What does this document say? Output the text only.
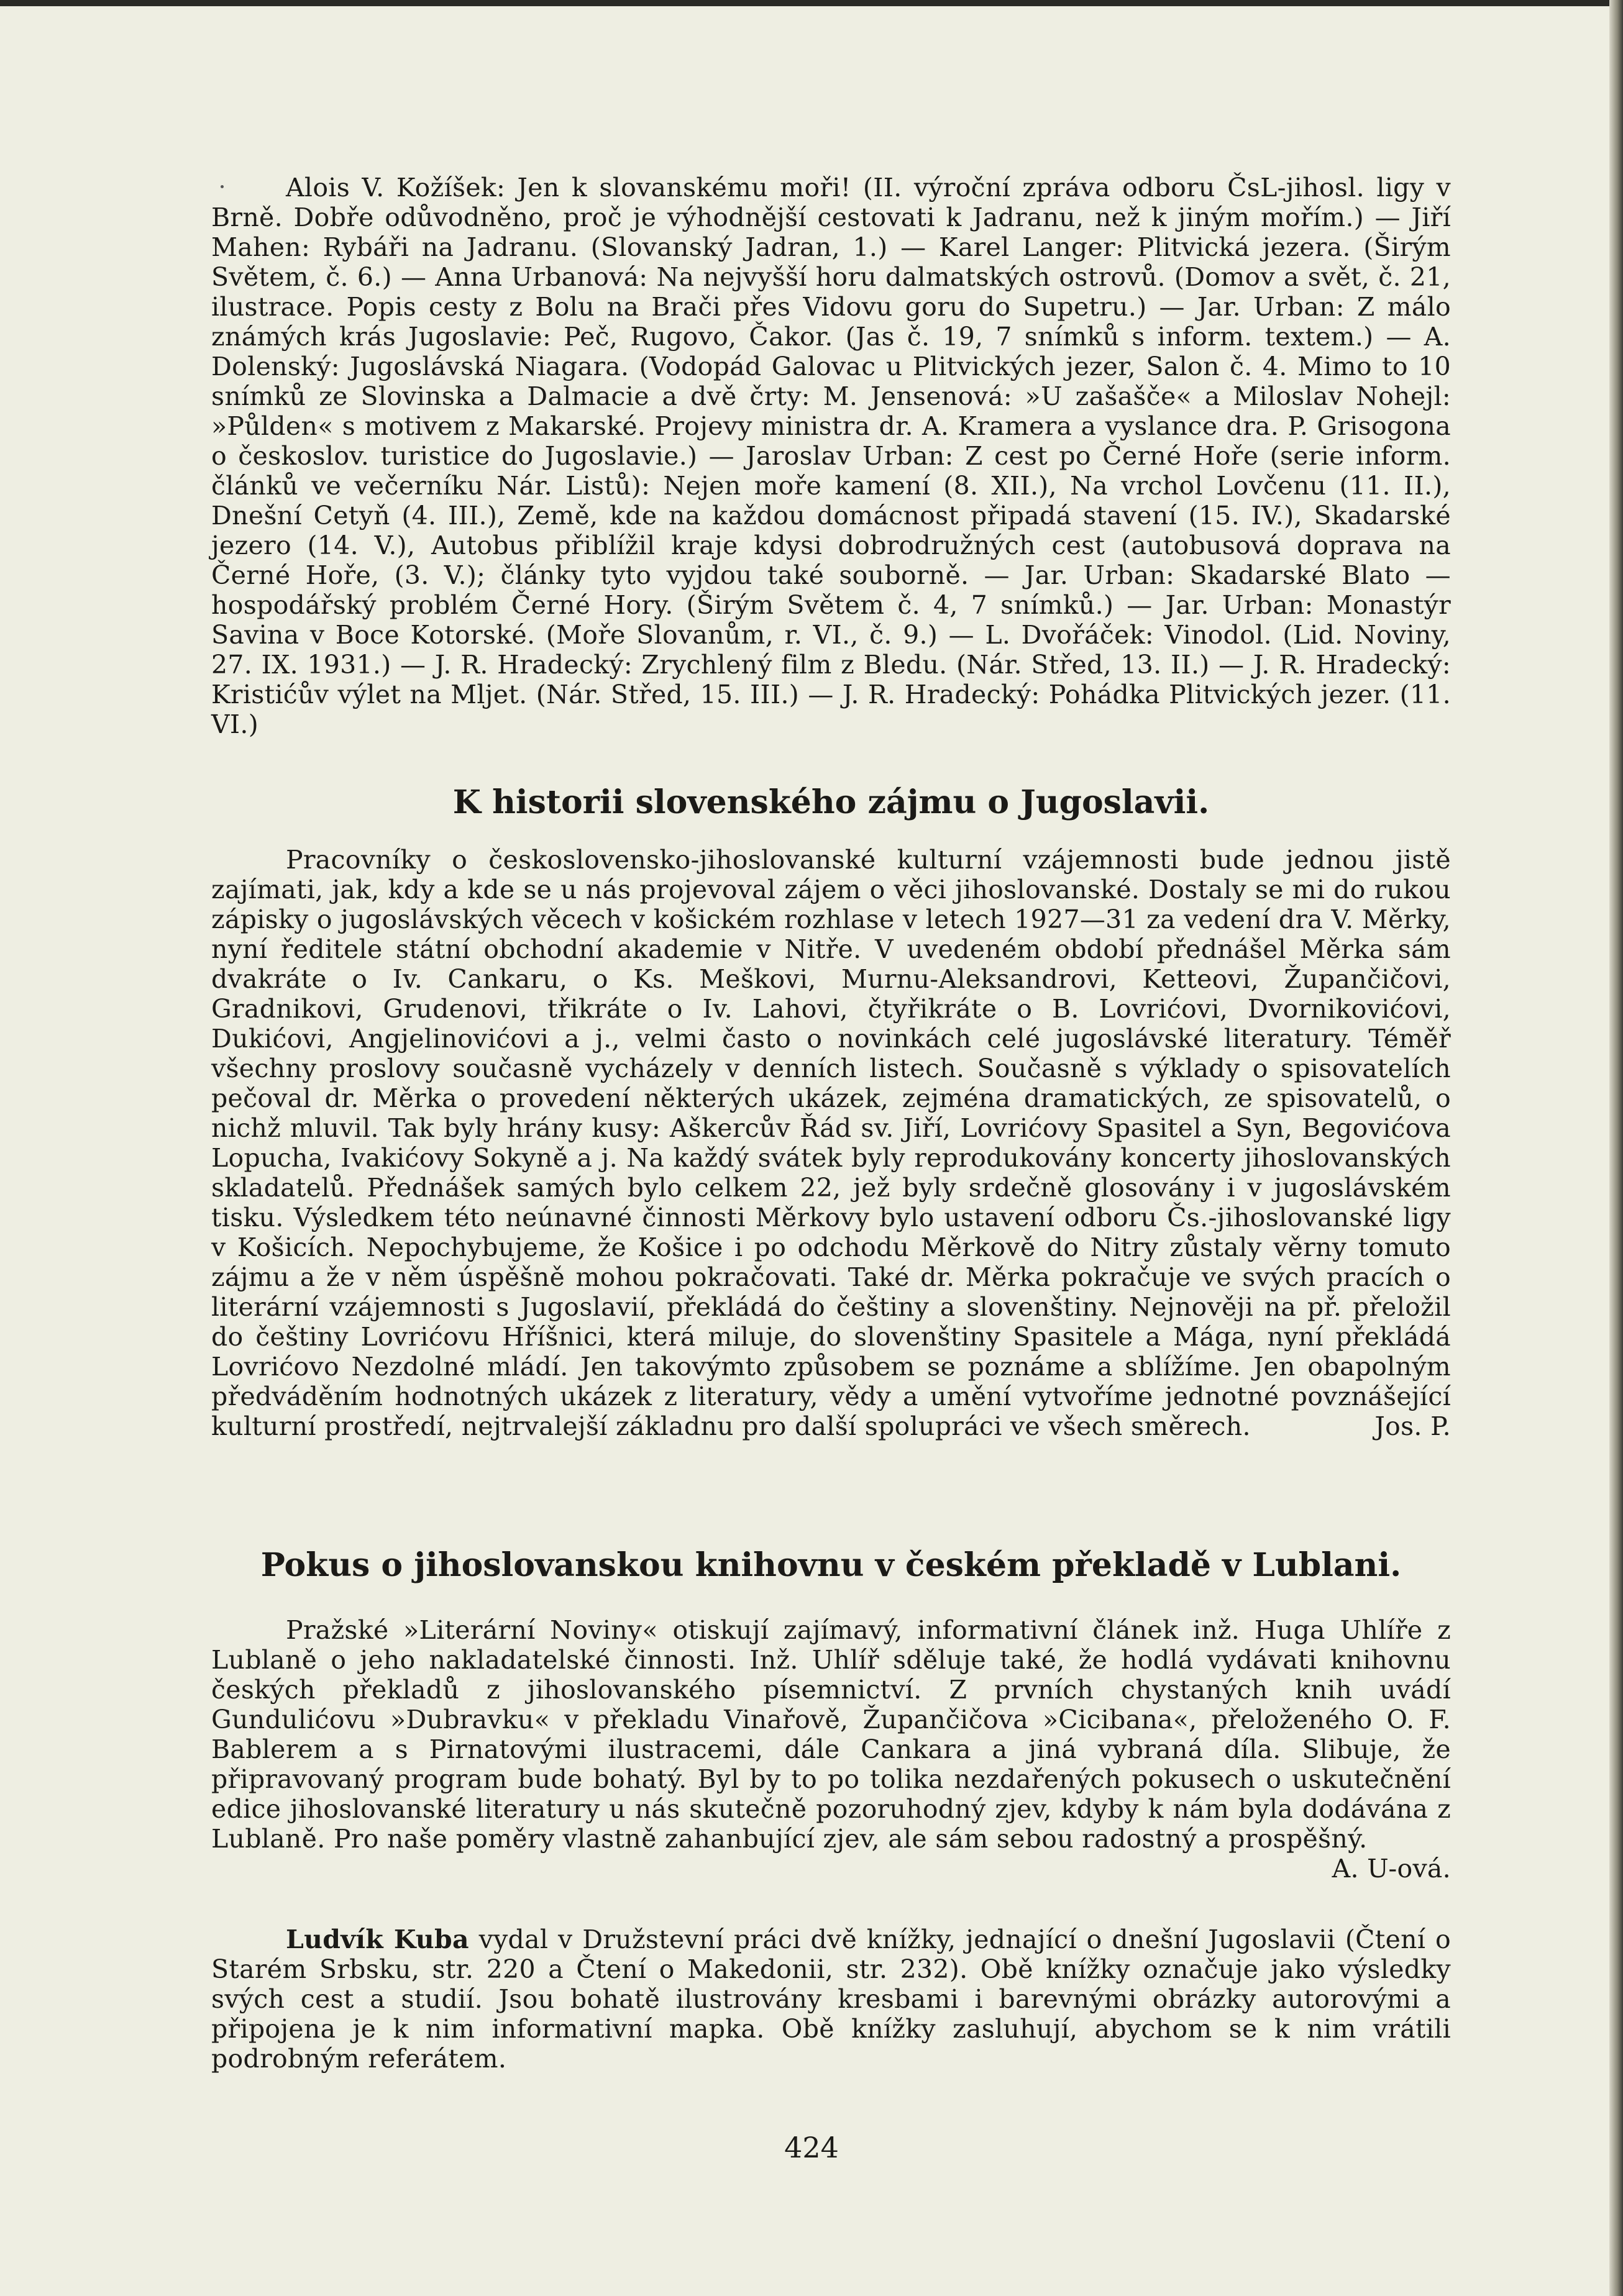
Alois V. Kožíšek: Jen k slovanskému moři! (II. výroční zpráva odboru ČsL-jihosl. ligy v Brně. Dobře odůvodněno, proč je výhodnější cestovati k Jadranu, než k jiným mořím.) — Jiří Mahen: Rybáři na Jadranu. (Slovanský Jadran, 1.) — Karel Langer: Plitvická jezera. (Širým Světem, č. 6.) — Anna Urbanová: Na nejvyšší horu dalmatských ostrovů. (Domov a svět, č. 21, ilustrace. Popis cesty z Bolu na Brači přes Vidovu goru do Supetru.) — Jar. Urban: Z málo známých krás Jugoslavie: Peč, Rugovo, Čakor. (Jas č. 19, 7 snímků s inform. textem.) — A. Dolenský: Jugoslávská Niagara. (Vodopád Galovac u Plitvických jezer, Salon č. 4. Mimo to 10 snímků ze Slovinska a Dalmacie a dvě črty: M. Jensenová: »U zašašče« a Miloslav Nohejl: »Půlden« s motivem z Makarské. Projevy ministra dr. A. Kramera a vyslance dra. P. Grisogona o českoslov. turistice do Jugoslavie.) — Jaroslav Urban: Z cest po Černé Hoře (serie inform. článků ve večerníku Nár. Listů): Nejen moře kamení (8. XII.), Na vrchol Lovčenu (11. II.), Dnešní Cetyň (4. III.), Země, kde na každou domácnost připadá stavení (15. IV.), Skadarské jezero (14. V.), Autobus přiblížil kraje kdysi dobrodružných cest (autobusová doprava na Černé Hoře, (3. V.); články tyto vyjdou také souborně. — Jar. Urban: Skadarské Blato — hospodářský problém Černé Hory. (Širým Světem č. 4, 7 snímků.) — Jar. Urban: Monastýr Savina v Boce Kotorské. (Moře Slovanům, r. VI., č. 9.) — L. Dvořáček: Vinodol. (Lid. Noviny, 27. IX. 1931.) — J. R. Hradecký: Zrychlený film z Bledu. (Nár. Střed, 13. II.) — J. R. Hradecký: Kristićův výlet na Mljet. (Nár. Střed, 15. III.) — J. R. Hradecký: Pohádka Plitvických jezer. (11. VI.)

K historii slovenského zájmu o Jugoslavii.

Pracovníky o československo-jihoslovanské kulturní vzájemnosti bude jednou jistě zajímati, jak, kdy a kde se u nás projevoval zájem o věci jihoslovanské. Dostaly se mi do rukou zápisky o jugoslávských věcech v košickém rozhlase v letech 1927—31 za vedení dra V. Měrky, nyní ředitele státní obchodní akademie v Nitře. V uvedeném období přednášel Měrka sám dvakráte o Iv. Cankaru, o Ks. Meškovi, Murnu-Aleksandrovi, Ketteovi, Župančičovi, Gradnikovi, Grudenovi, třikráte o Iv. Lahovi, čtyřikráte o B. Lovrićovi, Dvornikovićovi, Dukićovi, Angjelinovićovi a j., velmi často o novinkách celé jugoslávské literatury. Téměř všechny proslovy současně vycházely v denních listech. Současně s výklady o spisovatelích pečoval dr. Měrka o provedení některých ukázek, zejména dramatických, ze spisovatelů, o nichž mluvil. Tak byly hrány kusy: Aškercův Řád sv. Jiří, Lovrićovy Spasitel a Syn, Begovićova Lopucha, Ivakićovy Sokyně a j. Na každý svátek byly reprodukovány koncerty jihoslovanských skladatelů. Přednášek samých bylo celkem 22, jež byly srdečně glosovány i v jugoslávském tisku. Výsledkem této neúnavné činnosti Měrkovy bylo ustavení odboru Čs.-jihoslovanské ligy v Košicích. Nepochybujeme, že Košice i po odchodu Měrkově do Nitry zůstaly věrny tomuto zájmu a že v něm úspěšně mohou pokračovati. Také dr. Měrka pokračuje ve svých pracích o literární vzájemnosti s Jugoslavií, překládá do češtiny a slovenštiny. Nejnověji na př. přeložil do češtiny Lovrićovu Hříšnici, která miluje, do slovenštiny Spasitele a Mága, nyní překládá Lovrićovo Nezdolné mládí. Jen takovýmto způsobem se poznáme a sblížíme. Jen obapolným předváděním hodnotných ukázek z literatury, vědy a umění vytvoříme jednotné povznášející kulturní prostředí, nejtrvalejší základnu pro další spolupráci ve všech směrech.	Jos. P.

Pokus o jihoslovanskou knihovnu v českém překladě v Lublani.

Pražské »Literární Noviny« otiskují zajímavý, informativní článek inž. Huga Uhlíře z Lublaně o jeho nakladatelské činnosti. Inž. Uhlíř sděluje také, že hodlá vydávati knihovnu českých překladů z jihoslovanského písemnictví. Z prvních chystaných knih uvádí Gundulićovu »Dubravku« v překladu Vinařově, Župančičova »Cicibana«, přeloženého O. F. Bablerem a s Pirnatovými ilustracemi, dále Cankara a jiná vybraná díla. Slibuje, že připravovaný program bude bohatý. Byl by to po tolika nezdařených pokusech o uskutečnění edice jihoslovanské literatury u nás skutečně pozoruhodný zjev, kdyby k nám byla dodávána z Lublaně. Pro naše poměry vlastně zahanbující zjev, ale sám sebou radostný a prospěšný.
A. U-ová.

Ludvík Kuba vydal v Družstevní práci dvě knížky, jednající o dnešní Jugoslavii (Čtení o Starém Srbsku, str. 220 a Čtení o Makedonii, str. 232). Obě knížky označuje jako výsledky svých cest a studií. Jsou bohatě ilustrovány kresbami i barevnými obrázky autorovými a připojena je k nim informativní mapka. Obě knížky zasluhují, abychom se k nim vrátili podrobným referátem.

424
